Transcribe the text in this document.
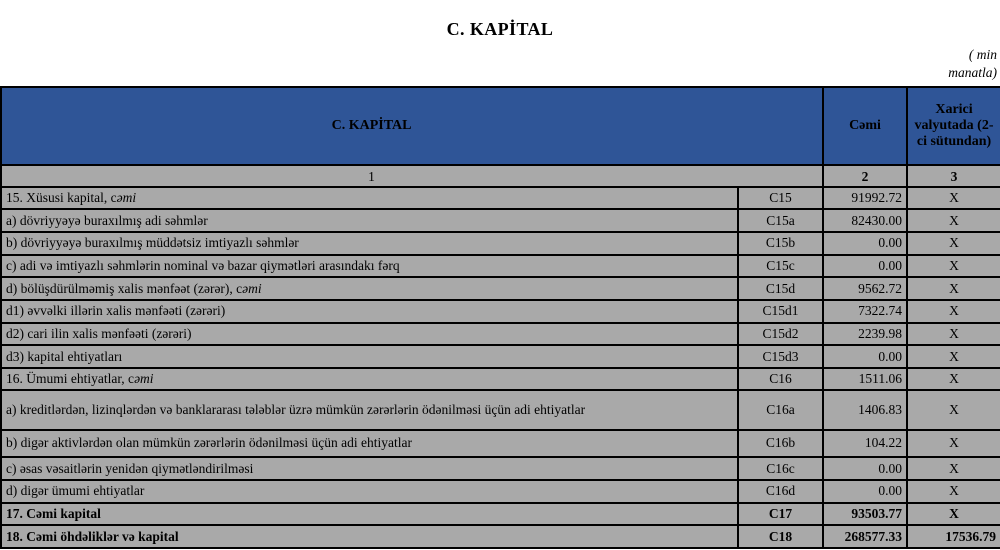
C. KAPİTAL
( min
manatla)
C. KAPİTAL		Cəmi	Xarici valyutada (2-ci sütundan)
1		2	3
15. Xüsusi kapital, cəmi	C15	91992.72	X
a) dövriyyəyə buraxılmış adi səhmlər	C15a	82430.00	X
b) dövriyyəyə buraxılmış müddətsiz imtiyazlı səhmlər	C15b	0.00	X
c) adi və imtiyazlı səhmlərin nominal və bazar qiymətləri arasındakı fərq	C15c	0.00	X
d) bölüşdürülməmiş xalis mənfəət (zərər), cəmi	C15d	9562.72	X
d1) əvvəlki illərin xalis mənfəəti (zərəri)	C15d1	7322.74	X
d2) cari ilin xalis mənfəəti (zərəri)	C15d2	2239.98	X
d3) kapital ehtiyatları	C15d3	0.00	X
16. Ümumi ehtiyatlar, cəmi	C16	1511.06	X
a) kreditlərdən, lizinqlərdən və banklararası tələblər üzrə mümkün zərərlərin ödənilməsi üçün adi ehtiyatlar	C16a	1406.83	X
b) digər aktivlərdən olan mümkün zərərlərin ödənilməsi üçün adi ehtiyatlar	C16b	104.22	X
c) əsas vəsaitlərin yenidən qiymətləndirilməsi	C16c	0.00	X
d) digər ümumi ehtiyatlar	C16d	0.00	X
17. Cəmi kapital	C17	93503.77	X
18. Cəmi öhdəliklər və kapital	C18	268577.33	17536.79
